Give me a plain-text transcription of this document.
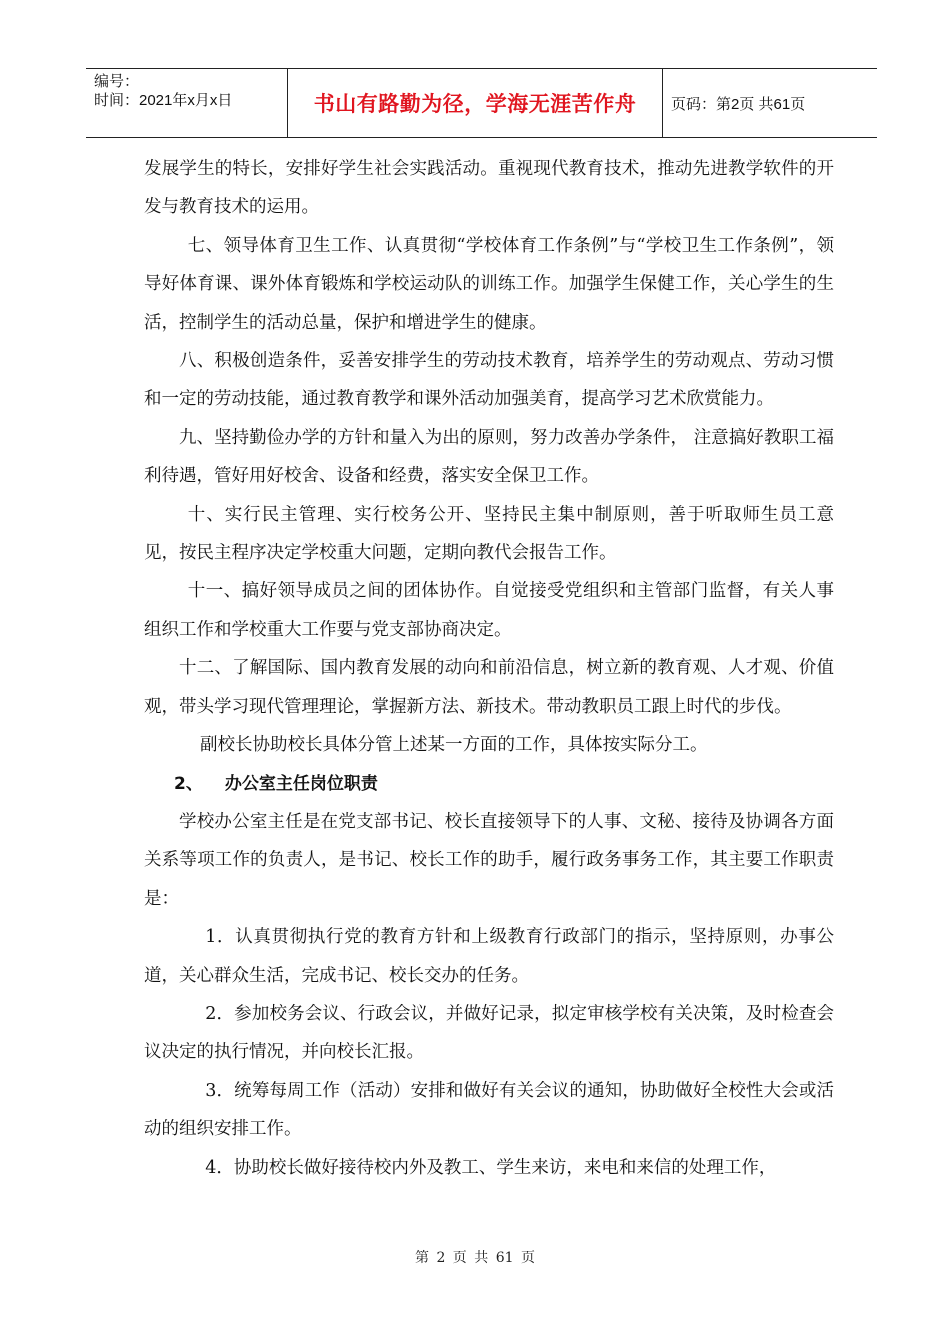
编号：
时间：2021年x月x日	书山有路勤为径，学海无涯苦作舟 页码：第2页 共61页

发展学生的特长，安排好学生社会实践活动。重视现代教育技术，推动先进教学软件的开发与教育技术的运用。

七、领导体育卫生工作、认真贯彻“学校体育工作条例”与“学校卫生工作条例”，领导好体育课、课外体育锻炼和学校运动队的训练工作。加强学生保健工作，关心学生的生活，控制学生的活动总量，保护和增进学生的健康。

八、积极创造条件，妥善安排学生的劳动技术教育，培养学生的劳动观点、劳动习惯和一定的劳动技能，通过教育教学和课外活动加强美育，提高学习艺术欣赏能力。

九、坚持勤俭办学的方针和量入为出的原则，努力改善办学条件， 注意搞好教职工福利待遇，管好用好校舍、设备和经费，落实安全保卫工作。

十、实行民主管理、实行校务公开、坚持民主集中制原则，善于听取师生员工意见，按民主程序决定学校重大问题，定期向教代会报告工作。

十一、搞好领导成员之间的团体协作。自觉接受党组织和主管部门监督，有关人事组织工作和学校重大工作要与党支部协商决定。

十二、了解国际、国内教育发展的动向和前沿信息，树立新的教育观、人才观、价值观，带头学习现代管理理论，掌握新方法、新技术。带动教职员工跟上时代的步伐。

副校长协助校长具体分管上述某一方面的工作，具体按实际分工。

2、 办公室主任岗位职责

学校办公室主任是在党支部书记、校长直接领导下的人事、文秘、接待及协调各方面关系等项工作的负责人，是书记、校长工作的助手，履行政务事务工作，其主要工作职责是：

1．认真贯彻执行党的教育方针和上级教育行政部门的指示，坚持原则，办事公道，关心群众生活，完成书记、校长交办的任务。

2．参加校务会议、行政会议，并做好记录，拟定审核学校有关决策，及时检查会议决定的执行情况，并向校长汇报。

3．统筹每周工作（活动）安排和做好有关会议的通知，协助做好全校性大会或活动的组织安排工作。

4．协助校长做好接待校内外及教工、学生来访，来电和来信的处理工作，

第 2 页 共 61 页
